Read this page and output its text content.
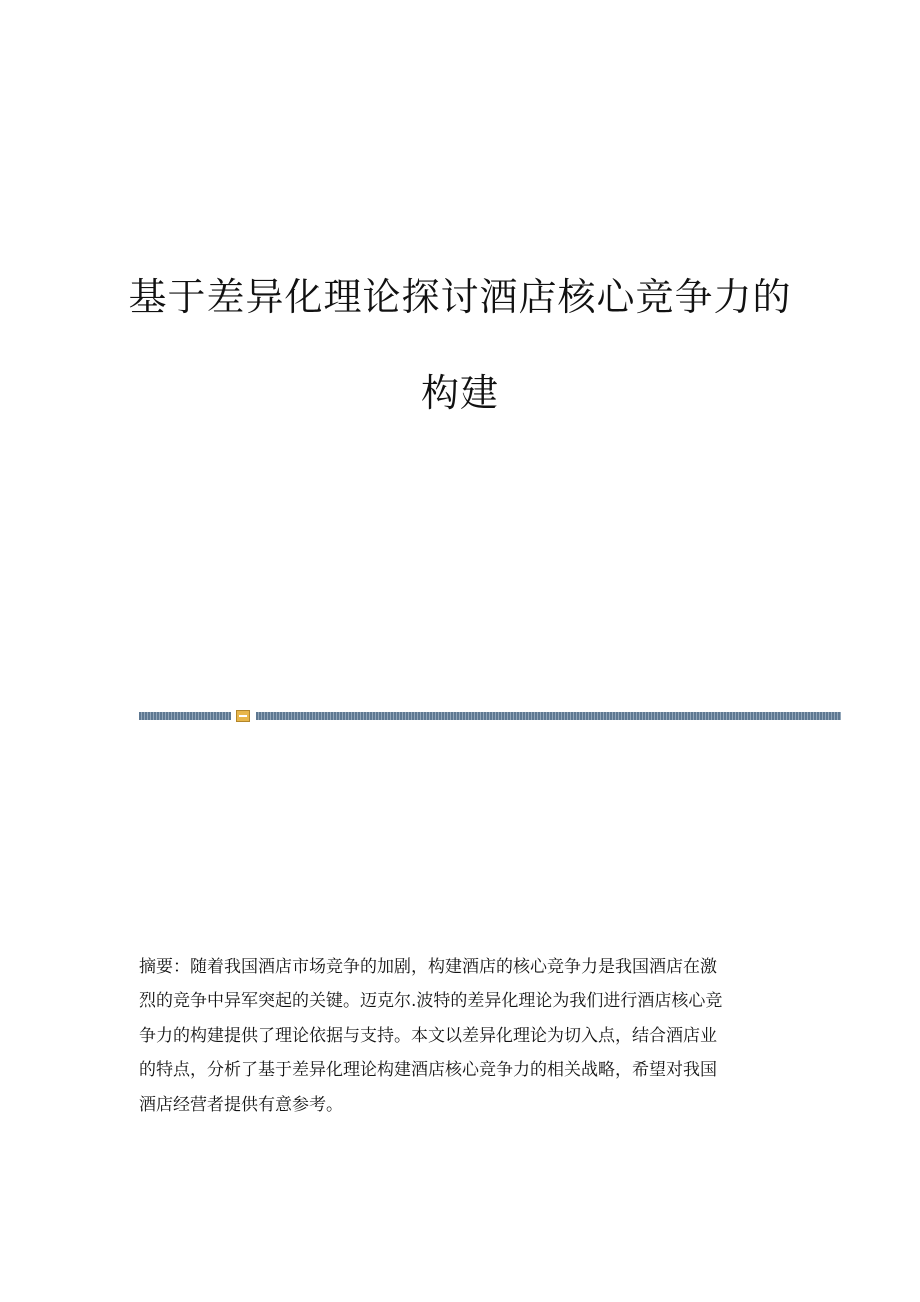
基于差异化理论探讨酒店核心竞争力的
构建
摘要：随着我国酒店市场竞争的加剧，构建酒店的核心竞争力是我国酒店在激
烈的竞争中异军突起的关键。迈克尔.波特的差异化理论为我们进行酒店核心竞
争力的构建提供了理论依据与支持。本文以差异化理论为切入点，结合酒店业
的特点，分析了基于差异化理论构建酒店核心竞争力的相关战略，希望对我国
酒店经营者提供有意参考。
